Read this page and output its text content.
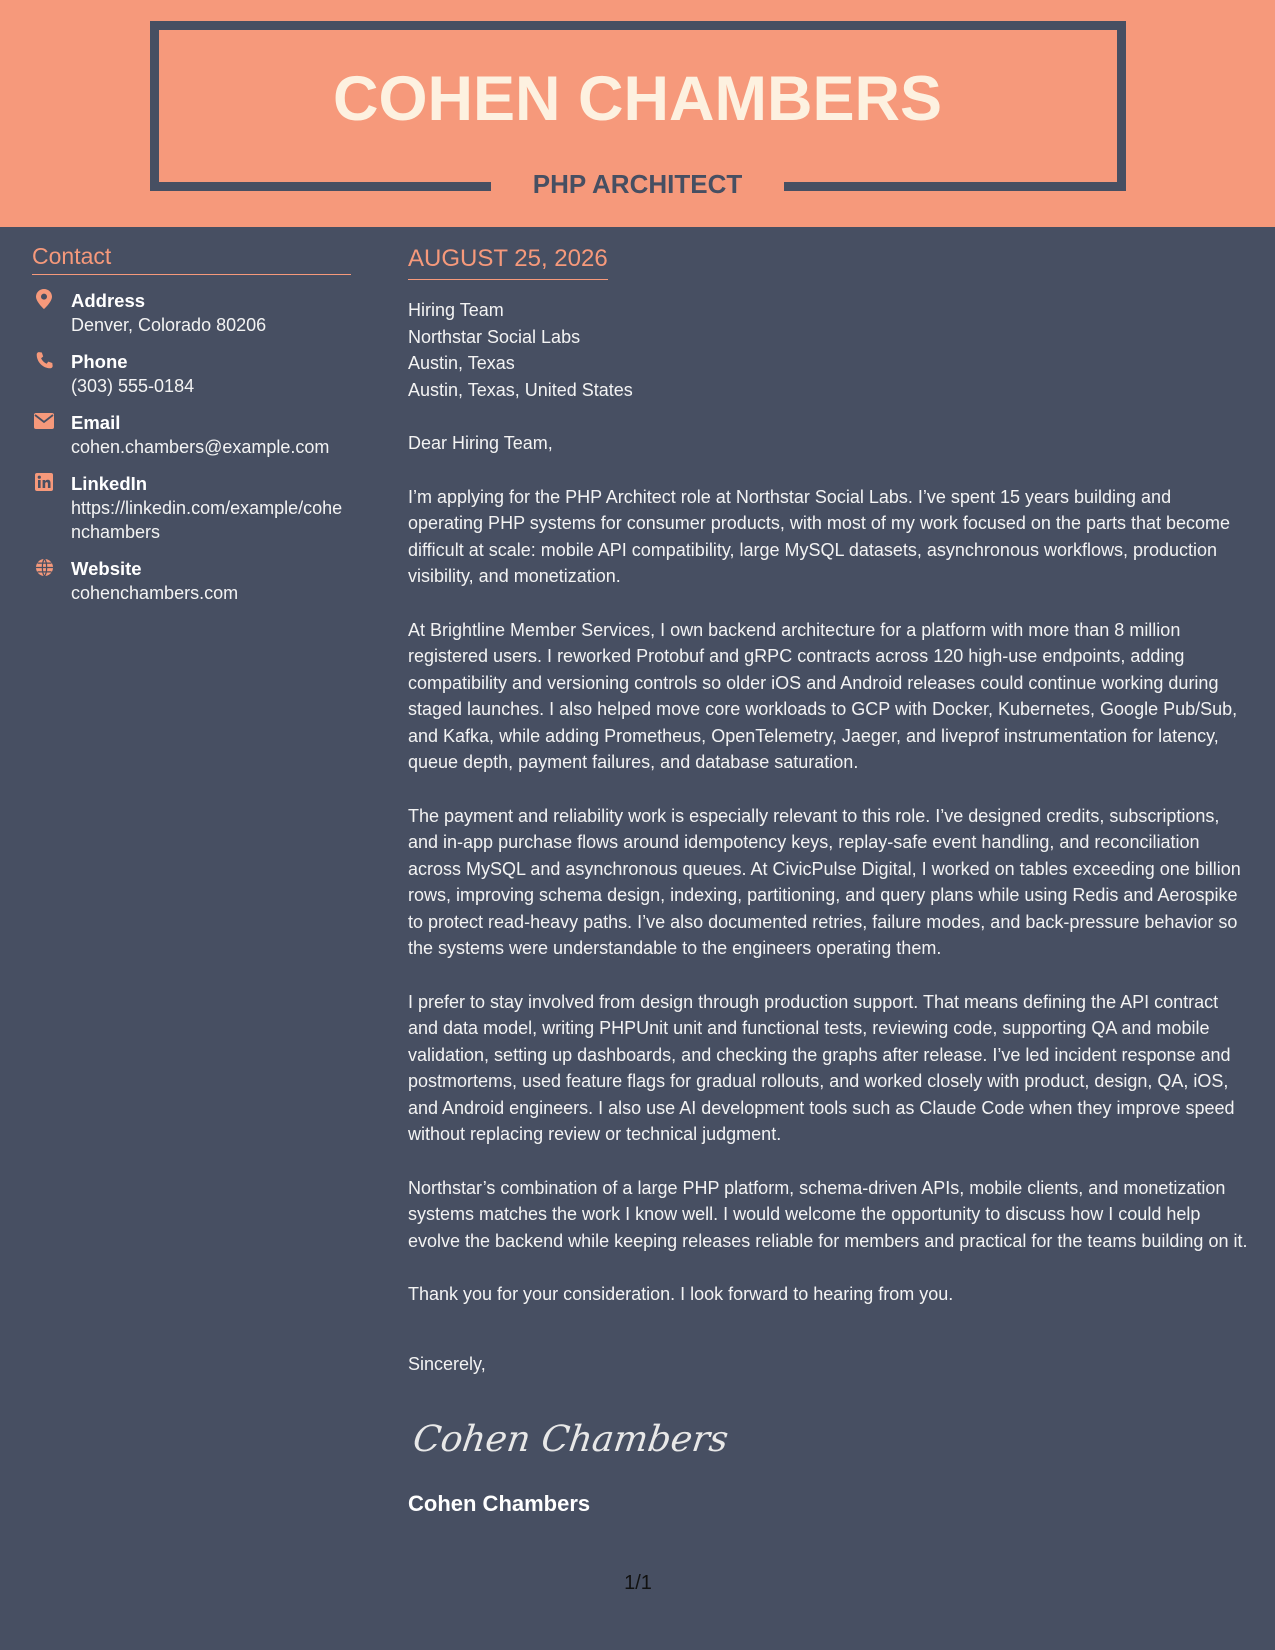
COHEN CHAMBERS
PHP ARCHITECT
Contact
Address
Denver, Colorado 80206
Phone
(303) 555-0184
Email
cohen.chambers@example.com
LinkedIn
https://linkedin.com/example/cohenchambers
Website
cohenchambers.com
AUGUST 25, 2026
Hiring Team
Northstar Social Labs
Austin, Texas
Austin, Texas, United States
Dear Hiring Team,

I’m applying for the PHP Architect role at Northstar Social Labs. I’ve spent 15 years building and operating PHP systems for consumer products, with most of my work focused on the parts that become difficult at scale: mobile API compatibility, large MySQL datasets, asynchronous workflows, production visibility, and monetization.

At Brightline Member Services, I own backend architecture for a platform with more than 8 million registered users. I reworked Protobuf and gRPC contracts across 120 high-use endpoints, adding compatibility and versioning controls so older iOS and Android releases could continue working during staged launches. I also helped move core workloads to GCP with Docker, Kubernetes, Google Pub/Sub, and Kafka, while adding Prometheus, OpenTelemetry, Jaeger, and liveprof instrumentation for latency, queue depth, payment failures, and database saturation.

The payment and reliability work is especially relevant to this role. I’ve designed credits, subscriptions, and in-app purchase flows around idempotency keys, replay-safe event handling, and reconciliation across MySQL and asynchronous queues. At CivicPulse Digital, I worked on tables exceeding one billion rows, improving schema design, indexing, partitioning, and query plans while using Redis and Aerospike to protect read-heavy paths. I’ve also documented retries, failure modes, and back-pressure behavior so the systems were understandable to the engineers operating them.

I prefer to stay involved from design through production support. That means defining the API contract and data model, writing PHPUnit unit and functional tests, reviewing code, supporting QA and mobile validation, setting up dashboards, and checking the graphs after release. I’ve led incident response and postmortems, used feature flags for gradual rollouts, and worked closely with product, design, QA, iOS, and Android engineers. I also use AI development tools such as Claude Code when they improve speed without replacing review or technical judgment.

Northstar’s combination of a large PHP platform, schema-driven APIs, mobile clients, and monetization systems matches the work I know well. I would welcome the opportunity to discuss how I could help evolve the backend while keeping releases reliable for members and practical for the teams building on it.

Thank you for your consideration. I look forward to hearing from you.

Sincerely,
Cohen Chambers
Cohen Chambers
1/1
